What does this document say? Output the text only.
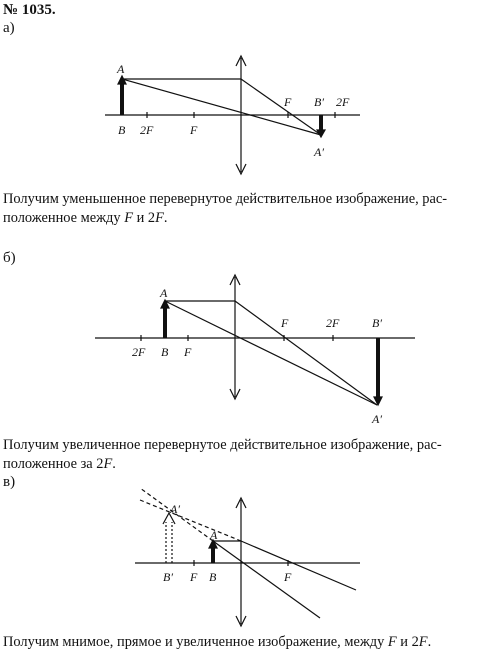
№ 1035.
а)
A
B 2F	F
F B′ 2F
A′
A
2F B F
F	2F	B′
A′
A′
A
B′ F B	F
Получим уменьшенное перевернутое действительное изображение, рас-
положенное между F и 2F.
б)
Получим увеличенное перевернутое действительное изображение, рас-
положенное за 2F.
в)
Получим мнимое, прямое и увеличенное изображение, между F и 2F.
